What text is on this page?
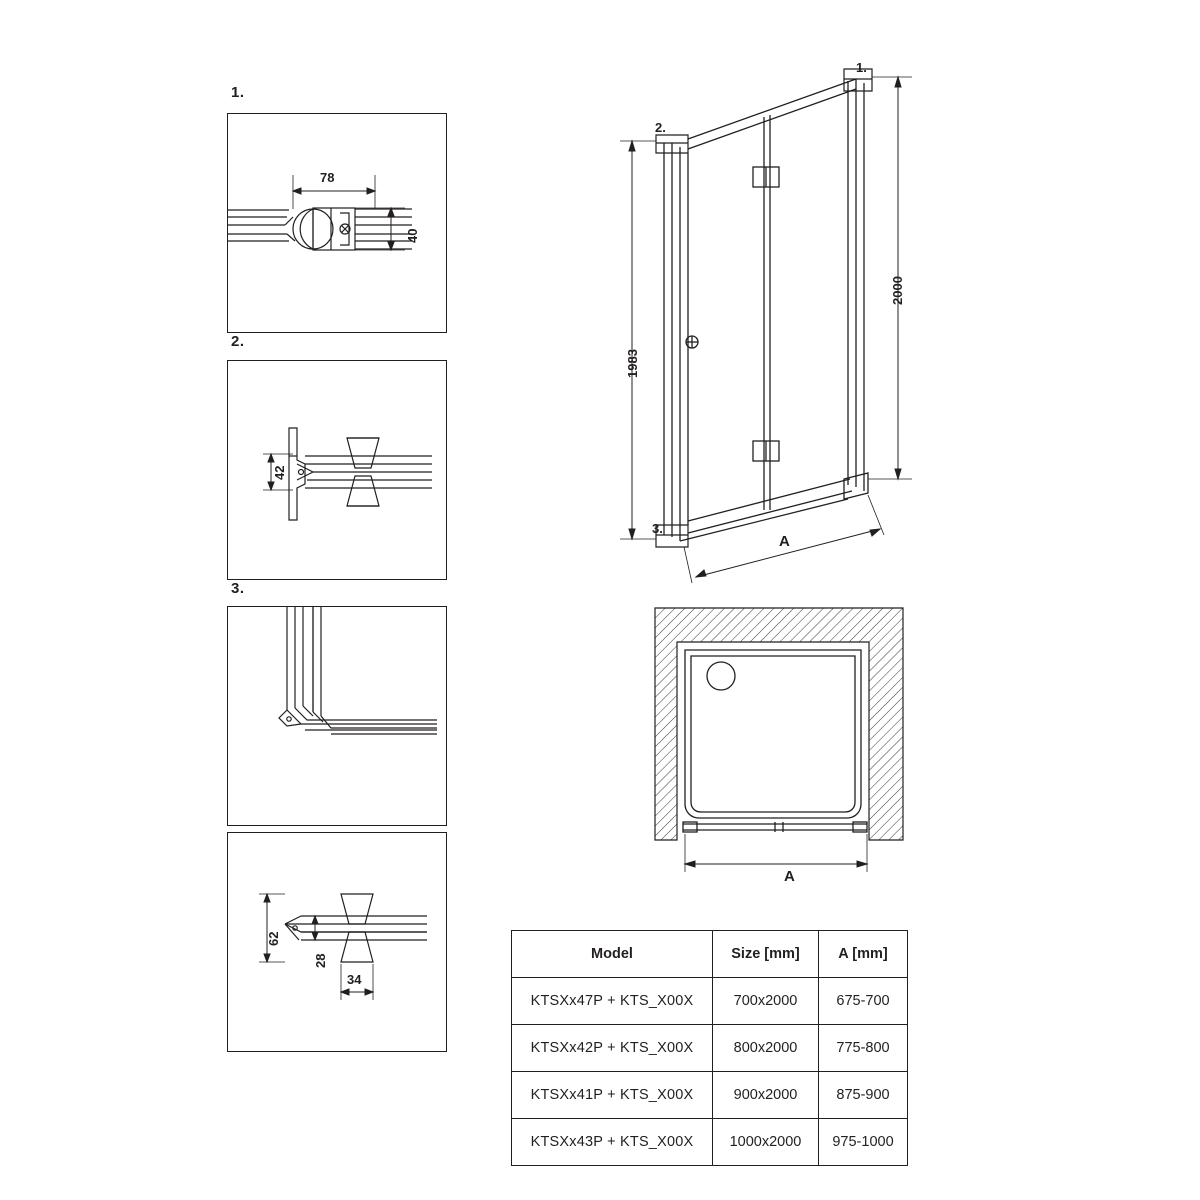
1.
78
40
2.
42
3.
62
28
34
1.
2.
3.
2000
1983
A
A
Model	Size [mm]	A [mm]
KTSXx47P + KTS_X00X	700x2000	675-700
KTSXx42P + KTS_X00X	800x2000	775-800
KTSXx41P + KTS_X00X	900x2000	875-900
KTSXx43P + KTS_X00X	1000x2000	975-1000
